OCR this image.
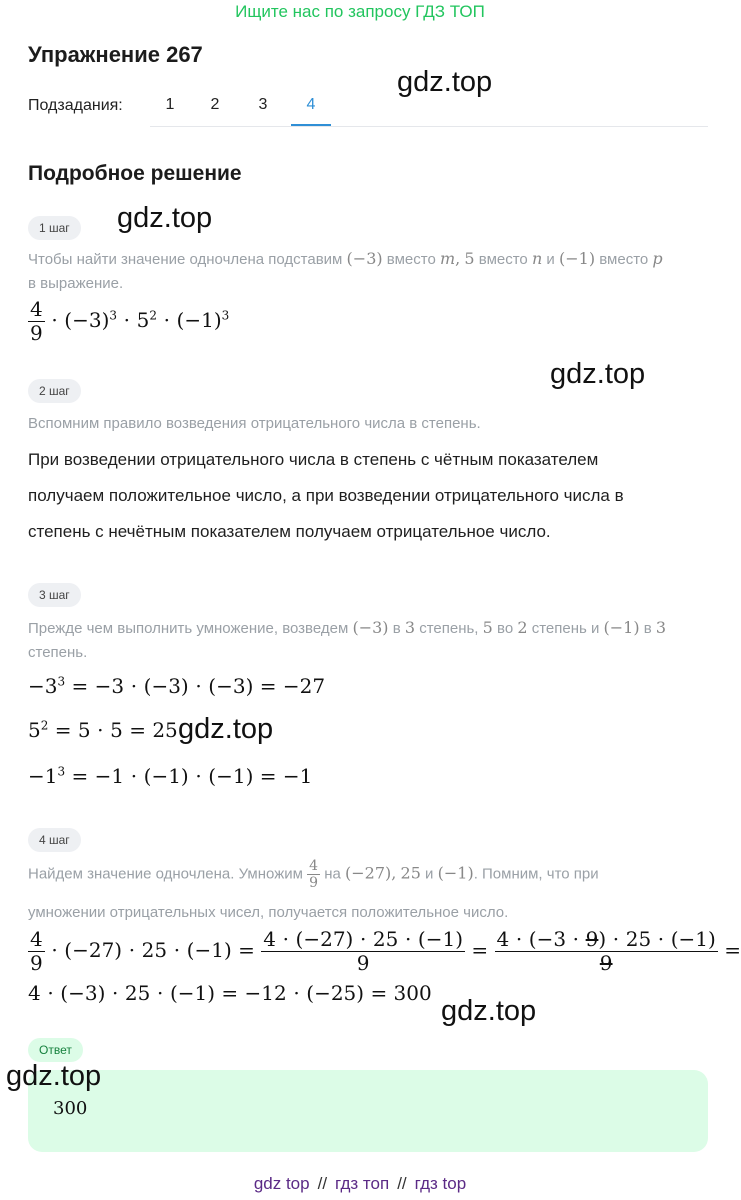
Ищите нас по запросу ГДЗ ТОП
Упражнение 267
Подзадания:	1	2	3	4
gdz.top
Подробное решение
1 шаг	gdz.top
Чтобы найти значение одночлена подставим (−3) вместо m, 5 вместо n и (−1) вместо p
в выражение.
$\frac{4}{9} \cdot (-3)^3 \cdot 5^2 \cdot (-1)^3$
2 шаг
gdz.top
Вспомним правило возведения отрицательного числа в степень.
При возведении отрицательного числа в степень с чётным показателем
получаем положительное число, а при возведении отрицательного числа в
степень с нечётным показателем получаем отрицательное число.
3 шаг
Прежде чем выполнить умножение, возведем (−3) в 3 степень, 5 во 2 степень и (−1) в 3
степень.
$-3^3 = -3 \cdot (-3) \cdot (-3) = -27$
$5^2 = 5 \cdot 5 = 25$ gdz.top
$-1^3 = -1 \cdot (-1) \cdot (-1) = -1$
4 шаг
Найдем значение одночлена. Умножим $\frac{4}{9}$ на (−27), 25 и (−1). Помним, что при
умножении отрицательных чисел, получается положительное число.
$\frac{4}{9} \cdot (-27) \cdot 25 \cdot (-1) = \frac{4 \cdot (-27) \cdot 25 \cdot (-1)}{9} = \frac{4 \cdot (-3 \cdot 9) \cdot 25 \cdot (-1)}{9}$ =
4 ⋅ (−3) ⋅ 25 ⋅ (−1) = −12 ⋅ (−25) = 300
gdz.top
Ответ
gdz.top
300
gdz top // гдз топ // гдз top
